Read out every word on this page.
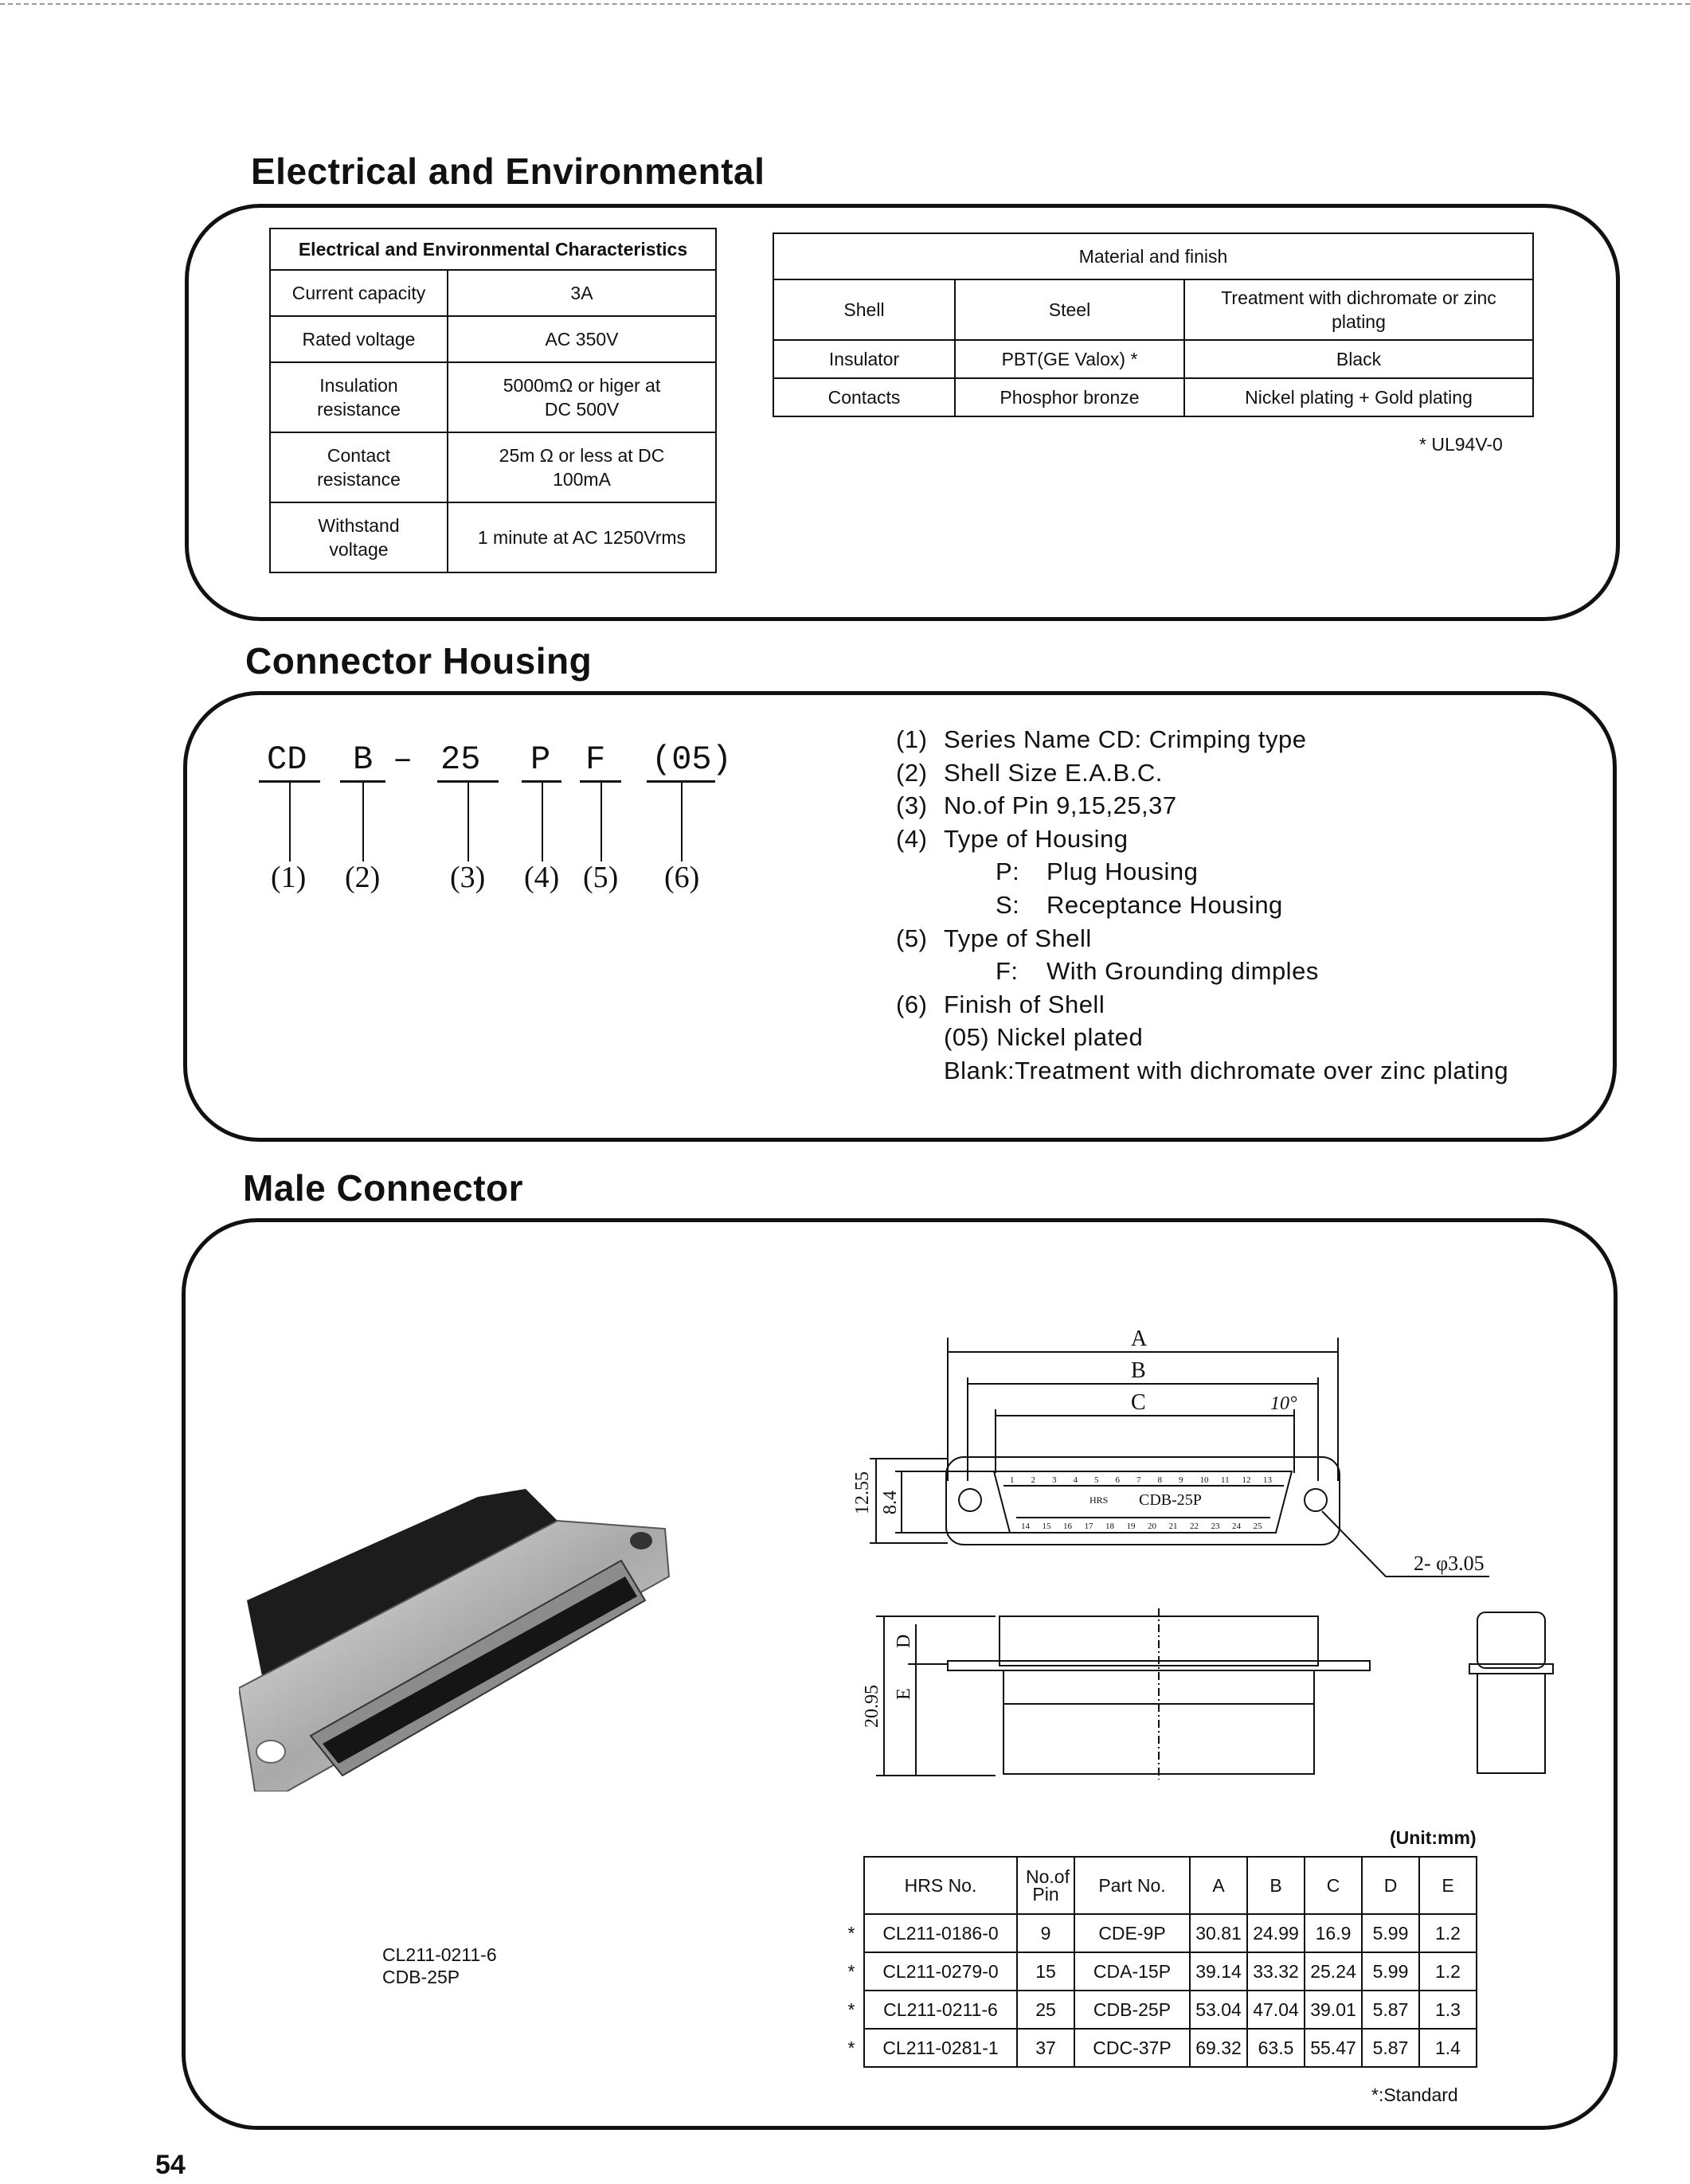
Electrical and Environmental
Electrical and Environmental Characteristics	
Current capacity	3A
Rated voltage	AC 350V
Insulation resistance	5000mΩ or higer at DC 500V
Contact resistance	25m Ω or less at DC 100mA
Withstand voltage	1 minute at AC 1250Vrms
Material and finish		
Shell	Steel	Treatment with dichromate or zinc plating
Insulator	PBT(GE Valox) *	Black
Contacts	Phosphor bronze	Nickel plating + Gold plating
* UL94V-0
Connector Housing
CD B – 25 P F (05)
(1) (2) (3) (4) (5) (6)
(1) Series Name CD: Crimping type
(2) Shell Size E.A.B.C.
(3) No.of Pin 9,15,25,37
(4) Type of Housing
P: Plug Housing
S: Receptance Housing
(5) Type of Shell
F: With Grounding dimples
(6) Finish of Shell
(05) Nickel plated
Blank:Treatment with dichromate over zinc plating
Male Connector
CL211-0211-6
CDB-25P
A
B
C	10°
2- φ3.05
CDB-25P
HRS
12.55 8.4
20.95
D
E
1 2 3 4 5 6 7 8 9 10 11 12 13
14 15 16 17 18 19 20 21 22 23 24 25
(Unit:mm)
	HRS No.	No.of Pin	Part No.	A	B	C	D	E
*	CL211-0186-0	9	CDE-9P	30.81	24.99	16.9	5.99	1.2
*	CL211-0279-0	15	CDA-15P	39.14	33.32	25.24	5.99	1.2
*	CL211-0211-6	25	CDB-25P	53.04	47.04	39.01	5.87	1.3
*	CL211-0281-1	37	CDC-37P	69.32	63.5	55.47	5.87	1.4
*:Standard
54
